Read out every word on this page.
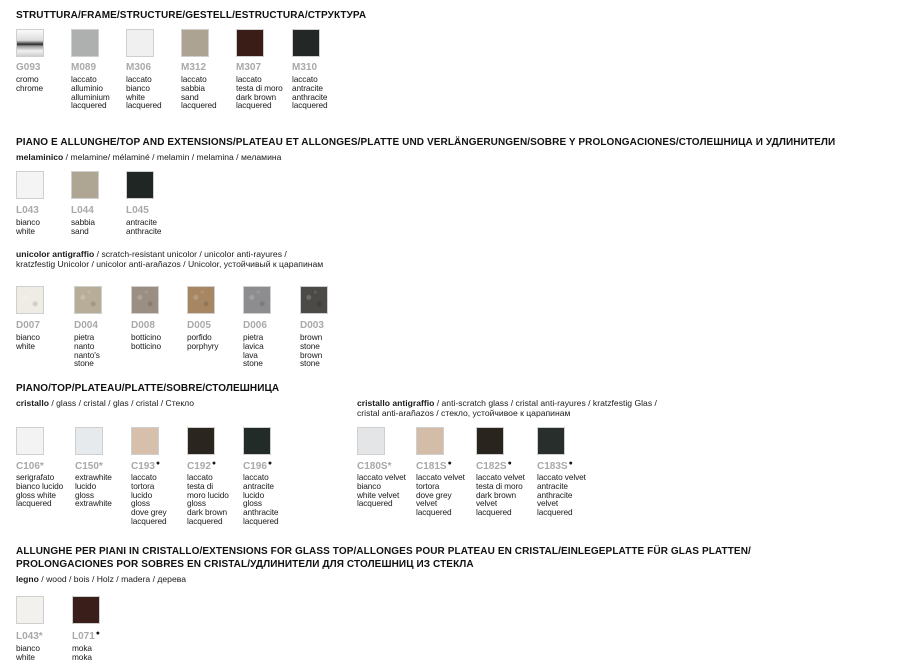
STRUTTURA/FRAME/STRUCTURE/GESTELL/ESTRUCTURA/СТРУКТУРА
PIANO E ALLUNGHE/TOP AND EXTENSIONS/PLATEAU ET ALLONGES/PLATTE UND VERLÄNGERUNGEN/SOBRE Y PROLONGACIONES/СТОЛЕШНИЦА И УДЛИНИТЕЛИ
melaminico / melamine/ mélaminé / melamin / melamina / меламина
unicolor antigraffio / scratch-resistant unicolor / unicolor anti-rayures /
kratzfestig Unicolor / unicolor anti-arañazos / Unicolor, устойчивый к царапинам
PIANO/TOP/PLATEAU/PLATTE/SOBRE/СТОЛЕШНИЦА
cristallo / glass / cristal / glas / cristal / Стекло	cristallo antigraffio / anti-scratch glass / cristal anti-rayures / kratzfestig Glas /
cristal anti-arañazos / стекло, устойчивое к царапинам
ALLUNGHE PER PIANI IN CRISTALLO/EXTENSIONS FOR GLASS TOP/ALLONGES POUR PLATEAU EN CRISTAL/EINLEGEPLATTE FÜR GLAS PLATTEN/
PROLONGACIONES POR SOBRES EN CRISTAL/УДЛИНИТЕЛИ ДЛЯ СТОЛЕШНИЦ ИЗ СТЕКЛА
legno / wood / bois / Holz / madera / дерева
G093
cromo
chrome
M089
laccato
alluminio
alluminium
lacquered
M306
laccato
bianco
white
lacquered
M312
laccato
sabbia
sand
lacquered
M307
laccato
testa di moro
dark brown
lacquered
M310
laccato
antracite
anthracite
lacquered
L043
bianco
white
L044
sabbia
sand
L045
antracite
anthracite
D007
bianco
white
D004
pietra
nanto
nanto's
stone
D008
botticino
botticino
D005
porfido
porphyry
D006
pietra
lavica
lava
stone
D003
brown
stone
brown
stone
C106*
serigrafato
bianco lucido
gloss white
lacquered
C150*
extrawhite
lucido
gloss
extrawhite
C193●
laccato
tortora
lucido
gloss
dove grey
lacquered
C192●
laccato
testa di
moro lucido
gloss
dark brown
lacquered
C196●
laccato
antracite
lucido
gloss
anthracite
lacquered
C180S*
laccato velvet
bianco
white velvet
lacquered
C181S●
laccato velvet
tortora
dove grey
velvet
lacquered
C182S●
laccato velvet
testa di moro
dark brown
velvet
lacquered
C183S●
laccato velvet
antracite
anthracite
velvet
lacquered
L043*
bianco
white
L071●
moka
moka
